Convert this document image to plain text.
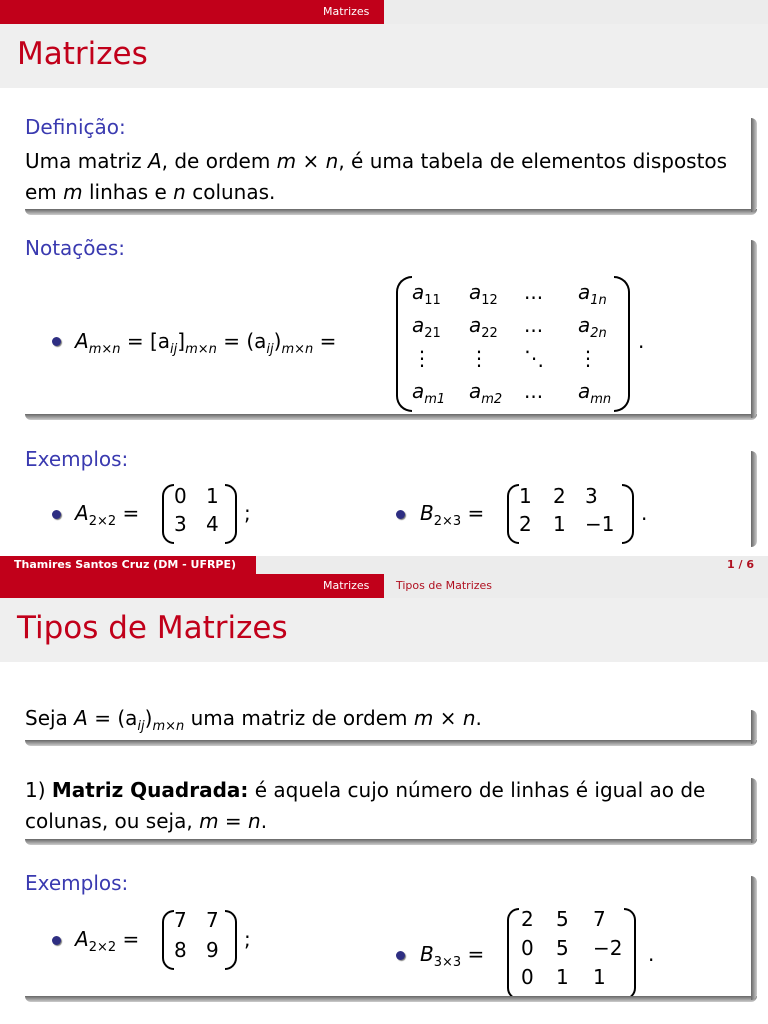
Matrizes
Matrizes
Definição:
Uma matriz A, de ordem m × n, é uma tabela de elementos dispostos
em m linhas e n colunas.
Notações:
$A_{m\times n} = [a_{ij}]_{m\times n} = (a_{ij})_{m\times n}$ =	.
Exemplos:
$A_{2\times 2}$ =	;	$B_{2\times 3}$ =	.
Thamires Santos Cruz (DM - UFRPE)	1 / 6
Matrizes Tipos de Matrizes
Tipos de Matrizes
Seja $A = (a_{ij})_{m\times n}$ uma matriz de ordem m × n.
1) Matriz Quadrada: é aquela cujo número de linhas é igual ao de
colunas, ou seja, m = n.
Exemplos:
$A_{2\times 2}$ =	;
$B_{3\times 3}$ =	.
$a_{11}$ $a_{12}$ ... $a_{1n}$
$a_{21}$ $a_{22}$ ... $a_{2n}$
⋮ ⋮ ⋱ ⋮
$a_{m1}$ $a_{m2}$ ... $a_{mn}$
0 1
3 4
1 2 3
2 1 −1
7 7
8 9
2 5 7
0 5 −2
0 1 1
